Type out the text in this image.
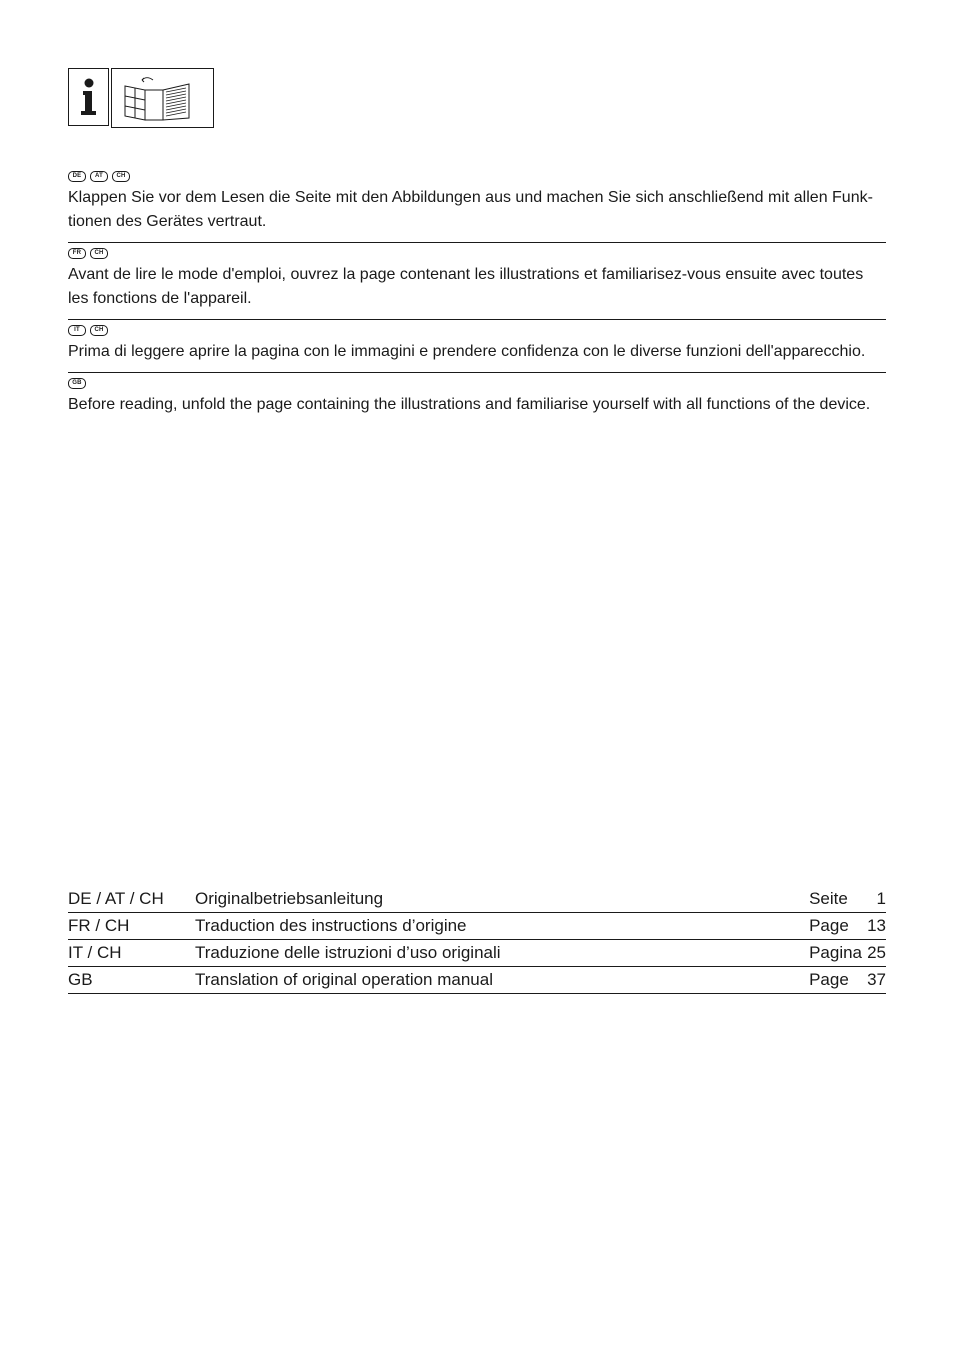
DE	AT	CH

Klappen Sie vor dem Lesen die Seite mit den Abbildungen aus und machen Sie sich anschließend mit allen Funk-tionen des Gerätes vertraut.

FR	CH

Avant de lire le mode d'emploi, ouvrez la page contenant les illustrations et familiarisez-vous ensuite avec toutes les fonctions de l'appareil.

IT	CH

Prima di leggere aprire la pagina con le immagini e prendere confidenza con le diverse funzioni dell'apparecchio.

GB

Before reading, unfold the page containing the illustrations and familiarise yourself with all functions of the device.

DE / AT / CH	Originalbetriebsanleitung	Seite	1
FR / CH	Traduction des instructions d’origine	Page	13
IT / CH	Traduzione delle istruzioni d’uso originali	Pagina	25
GB	Translation of original operation manual	Page	37
